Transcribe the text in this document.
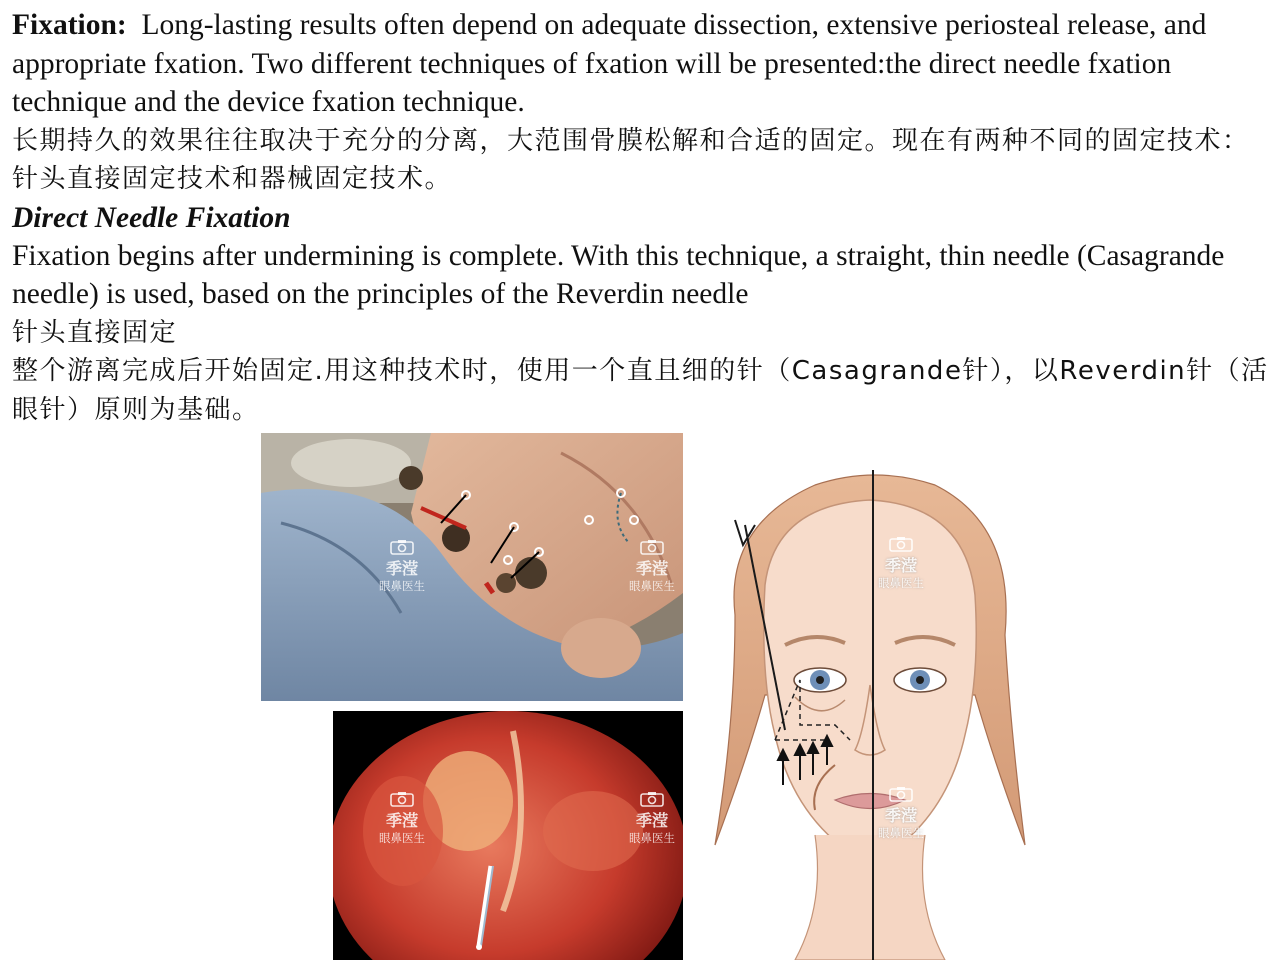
Fixation: Long-lasting results often depend on adequate dissection, extensive periosteal release, and appropriate fxation. Two different techniques of fxation will be presented:the direct needle fxation technique and the device fxation technique.

长期持久的效果往往取决于充分的分离，大范围骨膜松解和合适的固定。现在有两种不同的固定技术：针头直接固定技术和器械固定技术。

Direct Needle Fixation

Fixation begins after undermining is complete. With this technique, a straight, thin needle (Casagrande needle) is used, based on the principles of the Reverdin needle

针头直接固定

整个游离完成后开始固定.用这种技术时，使用一个直且细的针（Casagrande针），以Reverdin针（活眼针）原则为基础。

季滢
眼鼻医生
季滢
眼鼻医生
季滢
眼鼻医生
季滢
眼鼻医生
季滢
眼鼻医生
季滢
眼鼻医生
